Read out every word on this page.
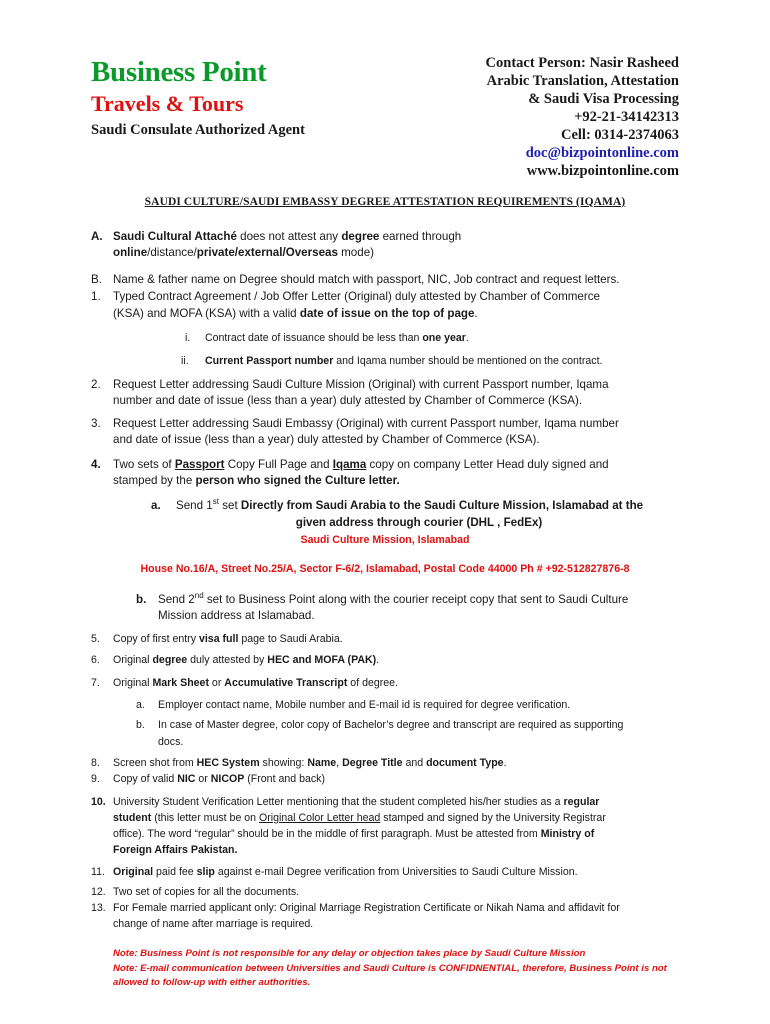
Business Point
Travels & Tours
Saudi Consulate Authorized Agent
Contact Person: Nasir Rasheed
Arabic Translation, Attestation
& Saudi Visa Processing
+92-21-34142313
Cell: 0314-2374063
doc@bizpointonline.com
www.bizpointonline.com
SAUDI CULTURE/SAUDI EMBASSY DEGREE ATTESTATION REQUIREMENTS (IQAMA)
A. Saudi Cultural Attaché does not attest any degree earned through
online/distance/private/external/Overseas mode)
B. Name & father name on Degree should match with passport, NIC, Job contract and request letters.
1. Typed Contract Agreement / Job Offer Letter (Original) duly attested by Chamber of Commerce
(KSA) and MOFA (KSA) with a valid date of issue on the top of page.
i. Contract date of issuance should be less than one year.
ii. Current Passport number and Iqama number should be mentioned on the contract.
2. Request Letter addressing Saudi Culture Mission (Original) with current Passport number, Iqama
number and date of issue (less than a year) duly attested by Chamber of Commerce (KSA).
3. Request Letter addressing Saudi Embassy (Original) with current Passport number, Iqama number
and date of issue (less than a year) duly attested by Chamber of Commerce (KSA).
4. Two sets of Passport Copy Full Page and Iqama copy on company Letter Head duly signed and
stamped by the person who signed the Culture letter.
a. Send 1st set Directly from Saudi Arabia to the Saudi Culture Mission, Islamabad at the
given address through courier (DHL , FedEx)
Saudi Culture Mission, Islamabad
House No.16/A, Street No.25/A, Sector F-6/2, Islamabad, Postal Code 44000 Ph # +92-512827876-8
b. Send 2nd set to Business Point along with the courier receipt copy that sent to Saudi Culture
Mission address at Islamabad.
5. Copy of first entry visa full page to Saudi Arabia.
6. Original degree duly attested by HEC and MOFA (PAK).
7. Original Mark Sheet or Accumulative Transcript of degree.
a. Employer contact name, Mobile number and E-mail id is required for degree verification.
b. In case of Master degree, color copy of Bachelor’s degree and transcript are required as supporting
docs.
8. Screen shot from HEC System showing: Name, Degree Title and document Type.
9. Copy of valid NIC or NICOP (Front and back)
10. University Student Verification Letter mentioning that the student completed his/her studies as a regular
student (this letter must be on Original Color Letter head stamped and signed by the University Registrar
office). The word “regular” should be in the middle of first paragraph. Must be attested from Ministry of
Foreign Affairs Pakistan.
11. Original paid fee slip against e-mail Degree verification from Universities to Saudi Culture Mission.
12. Two set of copies for all the documents.
13. For Female married applicant only: Original Marriage Registration Certificate or Nikah Nama and affidavit for
change of name after marriage is required.
Note: Business Point is not responsible for any delay or objection takes place by Saudi Culture Mission
Note: E-mail communication between Universities and Saudi Culture is CONFIDNENTIAL, therefore, Business Point is not
allowed to follow-up with either authorities.
